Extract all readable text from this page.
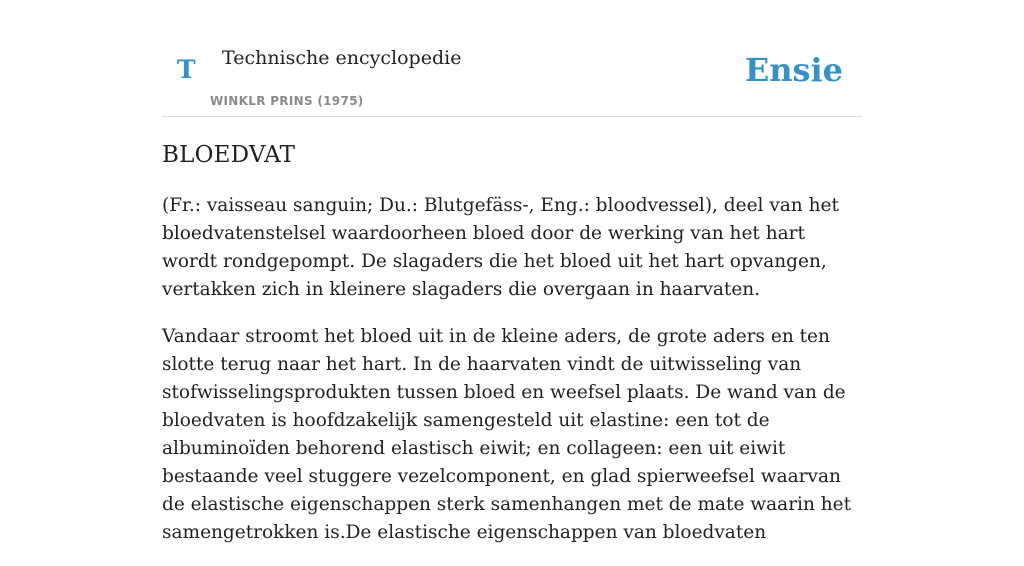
T Technische encyclopedie
WINKLR PRINS (1975)
Ensie
BLOEDVAT

(Fr.: vaisseau sanguin; Du.: Blutgefäss-, Eng.: bloodvessel), deel van het bloedvatenstelsel waardoorheen bloed door de werking van het hart wordt rondgepompt. De slagaders die het bloed uit het hart opvangen, vertakken zich in kleinere slagaders die overgaan in haarvaten.

Vandaar stroomt het bloed uit in de kleine aders, de grote aders en ten slotte terug naar het hart. In de haarvaten vindt de uitwisseling van stofwisselingsprodukten tussen bloed en weefsel plaats. De wand van de bloedvaten is hoofdzakelijk samengesteld uit elastine: een tot de albuminoïden behorend elastisch eiwit; en collageen: een uit eiwit bestaande veel stuggere vezelcomponent, en glad spierweefsel waarvan de elastische eigenschappen sterk samenhangen met de mate waarin het samengetrokken is.De elastische eigenschappen van bloedvaten
